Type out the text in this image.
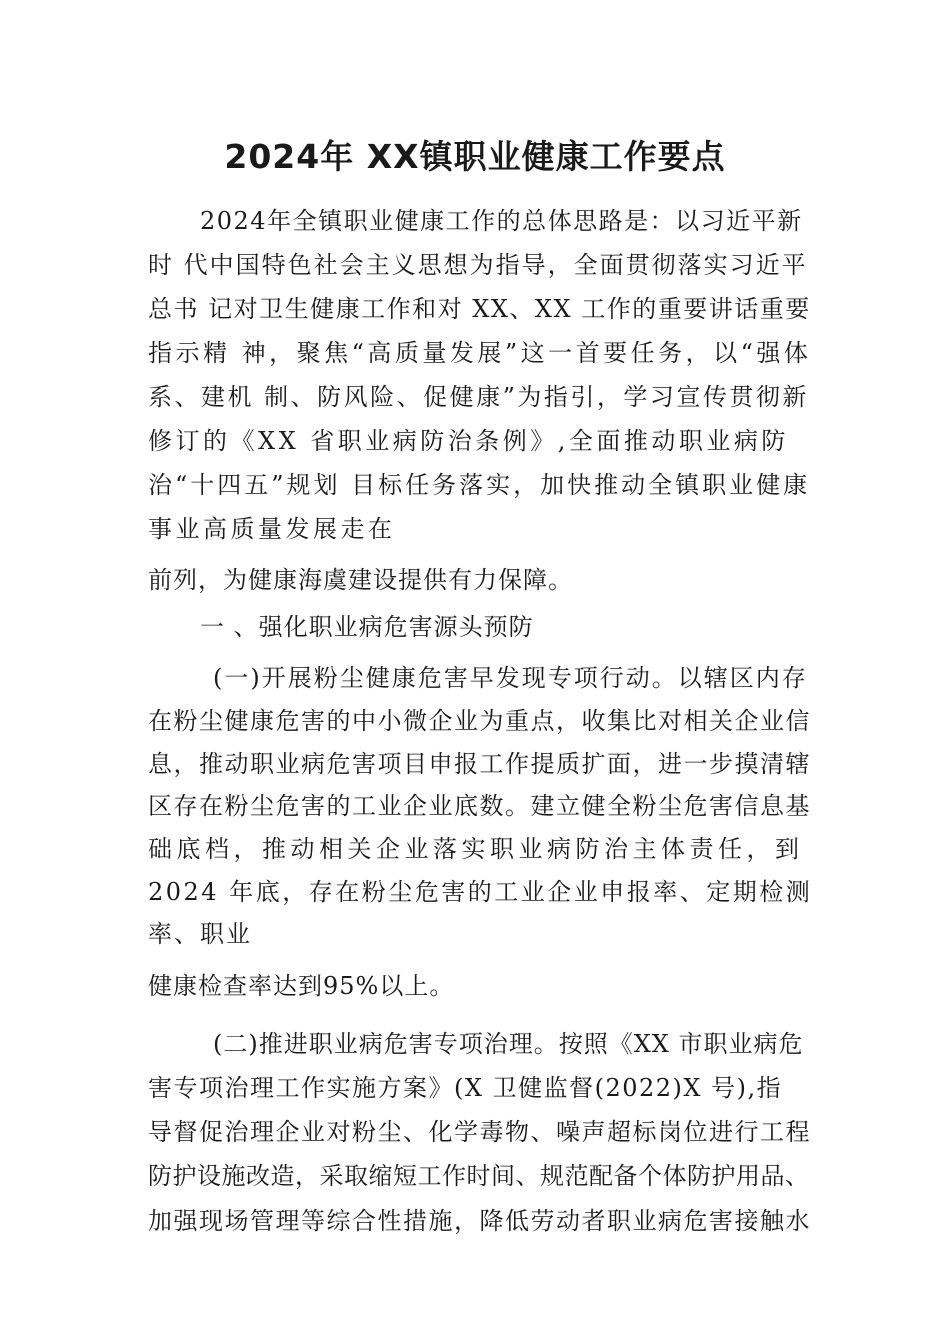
2024年 XX镇职业健康工作要点

2024年全镇职业健康工作的总体思路是：以习近平新

时 代中国特色社会主义思想为指导，全面贯彻落实习近平

总书 记对卫生健康工作和对 XX、XX 工作的重要讲话重要

指示精 神，聚焦“高质量发展”这一首要任务，以“强体

系、建机 制、防风险、促健康”为指引，学习宣传贯彻新

修订的《XX 省职业病防治条例》,全面推动职业病防

治“十四五”规划 目标任务落实，加快推动全镇职业健康

事业高质量发展走在

前列，为健康海虞建设提供有力保障。

一 、强化职业病危害源头预防

(一)开展粉尘健康危害早发现专项行动。以辖区内存

在粉尘健康危害的中小微企业为重点，收集比对相关企业信

息，推动职业病危害项目申报工作提质扩面，进一步摸清辖

区存在粉尘危害的工业企业底数。建立健全粉尘危害信息基

础底档，推动相关企业落实职业病防治主体责任，到

2024 年底，存在粉尘危害的工业企业申报率、定期检测

率、职业

健康检查率达到95%以上。

(二)推进职业病危害专项治理。按照《XX 市职业病危

害专项治理工作实施方案》(X 卫健监督(2022)X 号),指

导督促治理企业对粉尘、化学毒物、噪声超标岗位进行工程

防护设施改造，采取缩短工作时间、规范配备个体防护用品、

加强现场管理等综合性措施，降低劳动者职业病危害接触水
